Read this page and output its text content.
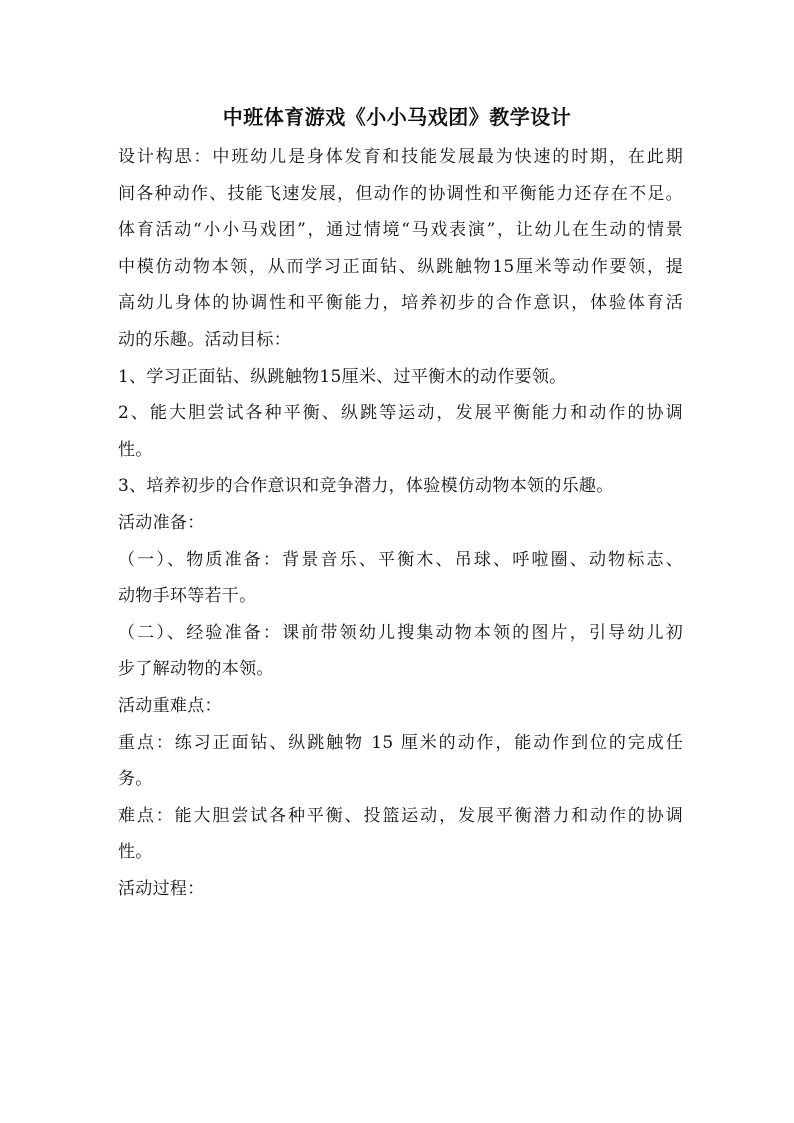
中班体育游戏《小小马戏团》教学设计
设计构思：中班幼儿是身体发育和技能发展最为快速的时期，在此期
间各种动作、技能飞速发展，但动作的协调性和平衡能力还存在不足。
体育活动“小小马戏团”，通过情境“马戏表演”，让幼儿在生动的情景
中模仿动物本领，从而学习正面钻、纵跳触物15厘米等动作要领，提
高幼儿身体的协调性和平衡能力，培养初步的合作意识，体验体育活
动的乐趣。活动目标：
1、学习正面钻、纵跳触物15厘米、过平衡木的动作要领。
2、能大胆尝试各种平衡、纵跳等运动，发展平衡能力和动作的协调
性。
3、培养初步的合作意识和竞争潜力，体验模仿动物本领的乐趣。
活动准备：
（一）、物质准备：背景音乐、平衡木、吊球、呼啦圈、动物标志、
动物手环等若干。
（二）、经验准备：课前带领幼儿搜集动物本领的图片，引导幼儿初
步了解动物的本领。
活动重难点：
重点：练习正面钻、纵跳触物 15 厘米的动作，能动作到位的完成任
务。
难点：能大胆尝试各种平衡、投篮运动，发展平衡潜力和动作的协调
性。
活动过程：
